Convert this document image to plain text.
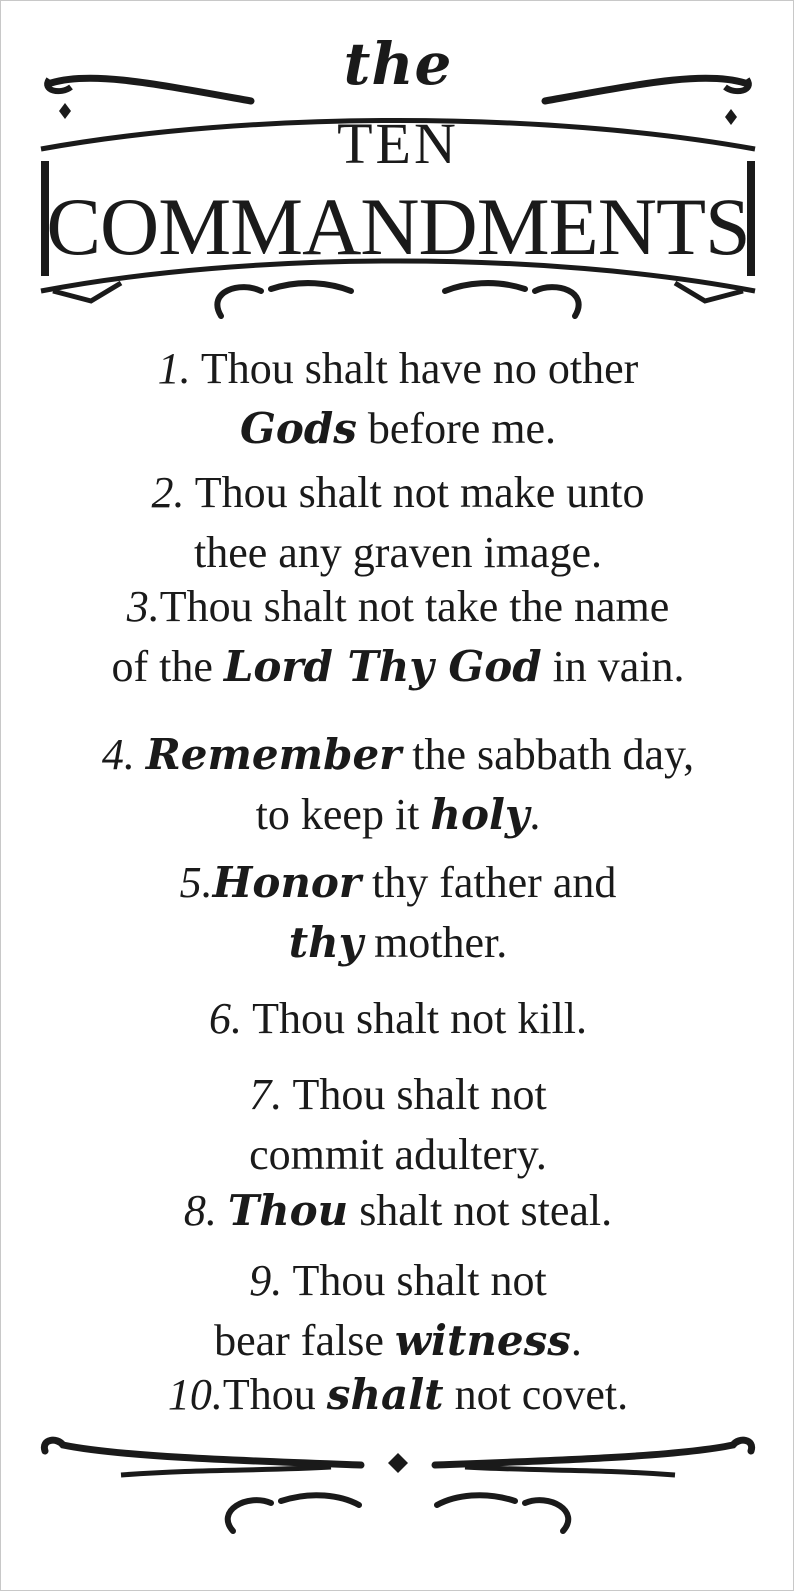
the
TEN
COMMANDMENTS
1. Thou shalt have no other
Gods before me.
2. Thou shalt not make unto
thee any graven image.
3.Thou shalt not take the name
of the Lord Thy God in vain.
4. Remember the sabbath day,
to keep it holy.
5.Honor thy father and
thy mother.
6. Thou shalt not kill.
7. Thou shalt not
commit adultery.
8. Thou shalt not steal.
9. Thou shalt not
bear false witness.
10.Thou shalt not covet.
